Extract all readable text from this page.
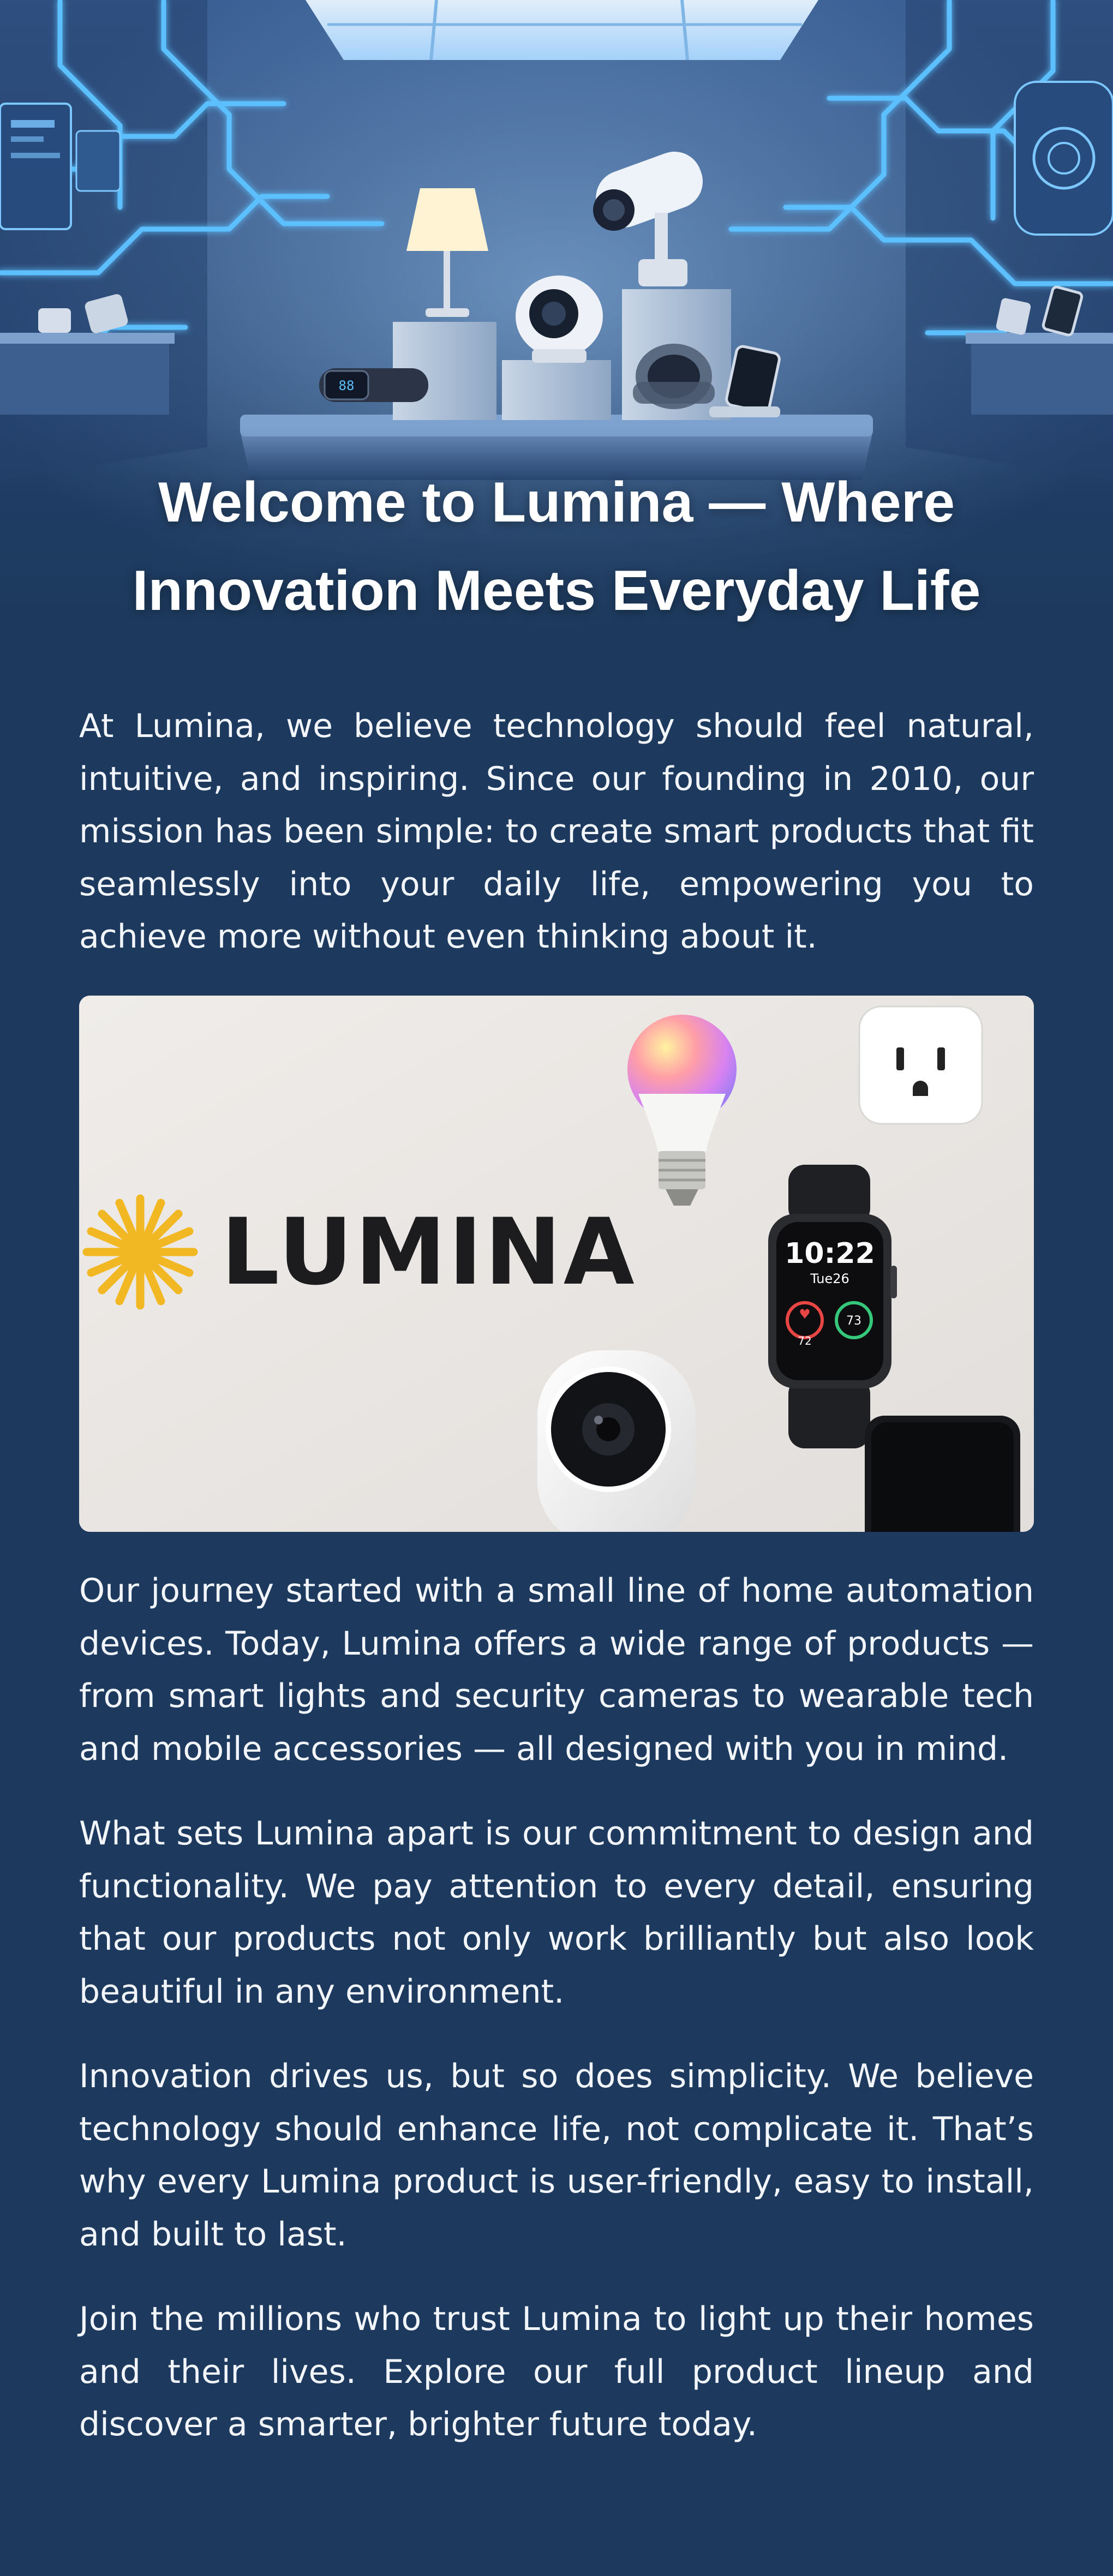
88
Welcome to Lumina — Where
Innovation Meets Everyday Life

At Lumina, we believe technology should feel natural, intuitive, and inspiring. Since our founding in 2010, our mission has been simple: to create smart products that fit seamlessly into your daily life, empowering you to achieve more without even thinking about it.

LUMINA	10:22
Tue26
♥
72
73

Our journey started with a small line of home automation devices. Today, Lumina offers a wide range of products — from smart lights and security cameras to wearable tech and mobile accessories — all designed with you in mind.

What sets Lumina apart is our commitment to design and functionality. We pay attention to every detail, ensuring that our products not only work brilliantly but also look beautiful in any environment.

Innovation drives us, but so does simplicity. We believe technology should enhance life, not complicate it. That’s why every Lumina product is user-friendly, easy to install, and built to last.

Join the millions who trust Lumina to light up their homes and their lives. Explore our full product lineup and discover a smarter, brighter future today.
